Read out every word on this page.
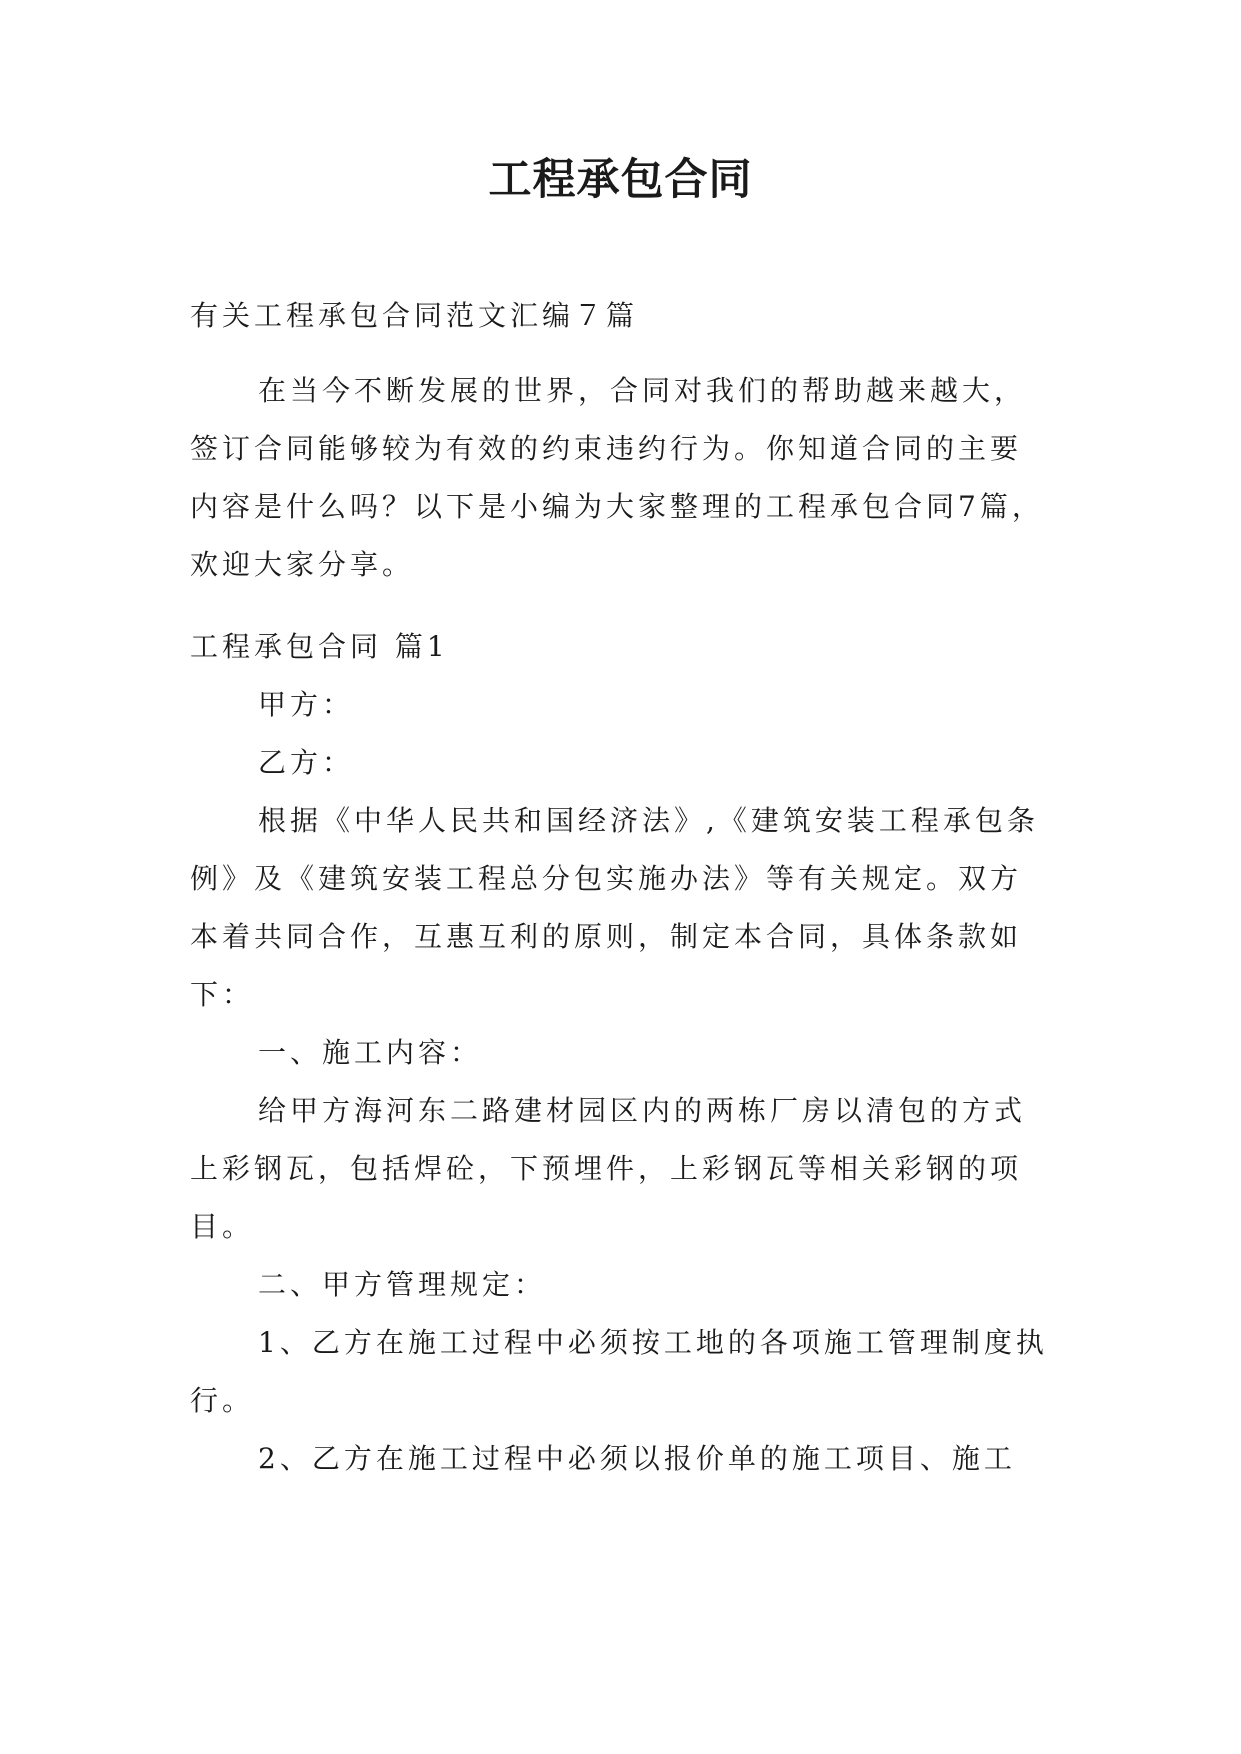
工程承包合同
有关工程承包合同范文汇编７篇

在当今不断发展的世界，合同对我们的帮助越来越大，签订合同能够较为有效的约束违约行为。你知道合同的主要内容是什么吗？以下是小编为大家整理的工程承包合同7篇，欢迎大家分享。

工程承包合同 篇1

甲方：

乙方：

根据《中华人民共和国经济法》,《建筑安装工程承包条例》及《建筑安装工程总分包实施办法》等有关规定。双方本着共同合作，互惠互利的原则，制定本合同，具体条款如下：

一、施工内容：

给甲方海河东二路建材园区内的两栋厂房以清包的方式上彩钢瓦，包括焊砼，下预埋件，上彩钢瓦等相关彩钢的项目。

二、甲方管理规定：

1、乙方在施工过程中必须按工地的各项施工管理制度执行。

2、乙方在施工过程中必须以报价单的施工项目、施工
